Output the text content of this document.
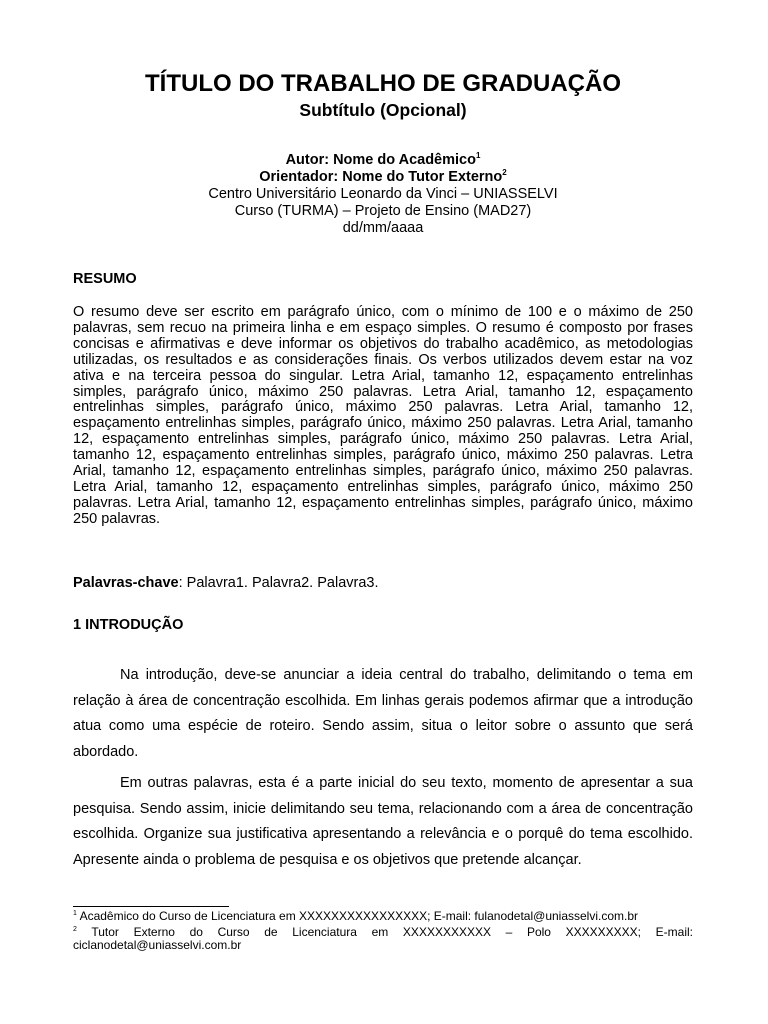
TÍTULO DO TRABALHO DE GRADUAÇÃO
Subtítulo (Opcional)
Autor: Nome do Acadêmico$^1$
Orientador: Nome do Tutor Externo$^2$
Centro Universitário Leonardo da Vinci – UNIASSELVI
Curso (TURMA) – Projeto de Ensino (MAD27)
dd/mm/aaaa
RESUMO
O resumo deve ser escrito em parágrafo único, com o mínimo de 100 e o máximo de 250 palavras, sem recuo na primeira linha e em espaço simples. O resumo é composto por frases concisas e afirmativas e deve informar os objetivos do trabalho acadêmico, as metodologias utilizadas, os resultados e as considerações finais. Os verbos utilizados devem estar na voz ativa e na terceira pessoa do singular. Letra Arial, tamanho 12, espaçamento entrelinhas simples, parágrafo único, máximo 250 palavras. Letra Arial, tamanho 12, espaçamento entrelinhas simples, parágrafo único, máximo 250 palavras. Letra Arial, tamanho 12, espaçamento entrelinhas simples, parágrafo único, máximo 250 palavras. Letra Arial, tamanho 12, espaçamento entrelinhas simples, parágrafo único, máximo 250 palavras. Letra Arial, tamanho 12, espaçamento entrelinhas simples, parágrafo único, máximo 250 palavras. Letra Arial, tamanho 12, espaçamento entrelinhas simples, parágrafo único, máximo 250 palavras. Letra Arial, tamanho 12, espaçamento entrelinhas simples, parágrafo único, máximo 250 palavras. Letra Arial, tamanho 12, espaçamento entrelinhas simples, parágrafo único, máximo 250 palavras.
Palavras-chave: Palavra1. Palavra2. Palavra3.
1 INTRODUÇÃO
Na introdução, deve-se anunciar a ideia central do trabalho, delimitando o tema em relação à área de concentração escolhida. Em linhas gerais podemos afirmar que a introdução atua como uma espécie de roteiro. Sendo assim, situa o leitor sobre o assunto que será abordado.
Em outras palavras, esta é a parte inicial do seu texto, momento de apresentar a sua pesquisa. Sendo assim, inicie delimitando seu tema, relacionando com a área de concentração escolhida. Organize sua justificativa apresentando a relevância e o porquê do tema escolhido. Apresente ainda o problema de pesquisa e os objetivos que pretende alcançar.
$^1$ Acadêmico do Curso de Licenciatura em XXXXXXXXXXXXXXXX; E-mail: fulanodetal@uniasselvi.com.br
$^2$ Tutor Externo do Curso de Licenciatura em XXXXXXXXXXX – Polo XXXXXXXXX; E-mail: ciclanodetal@uniasselvi.com.br
